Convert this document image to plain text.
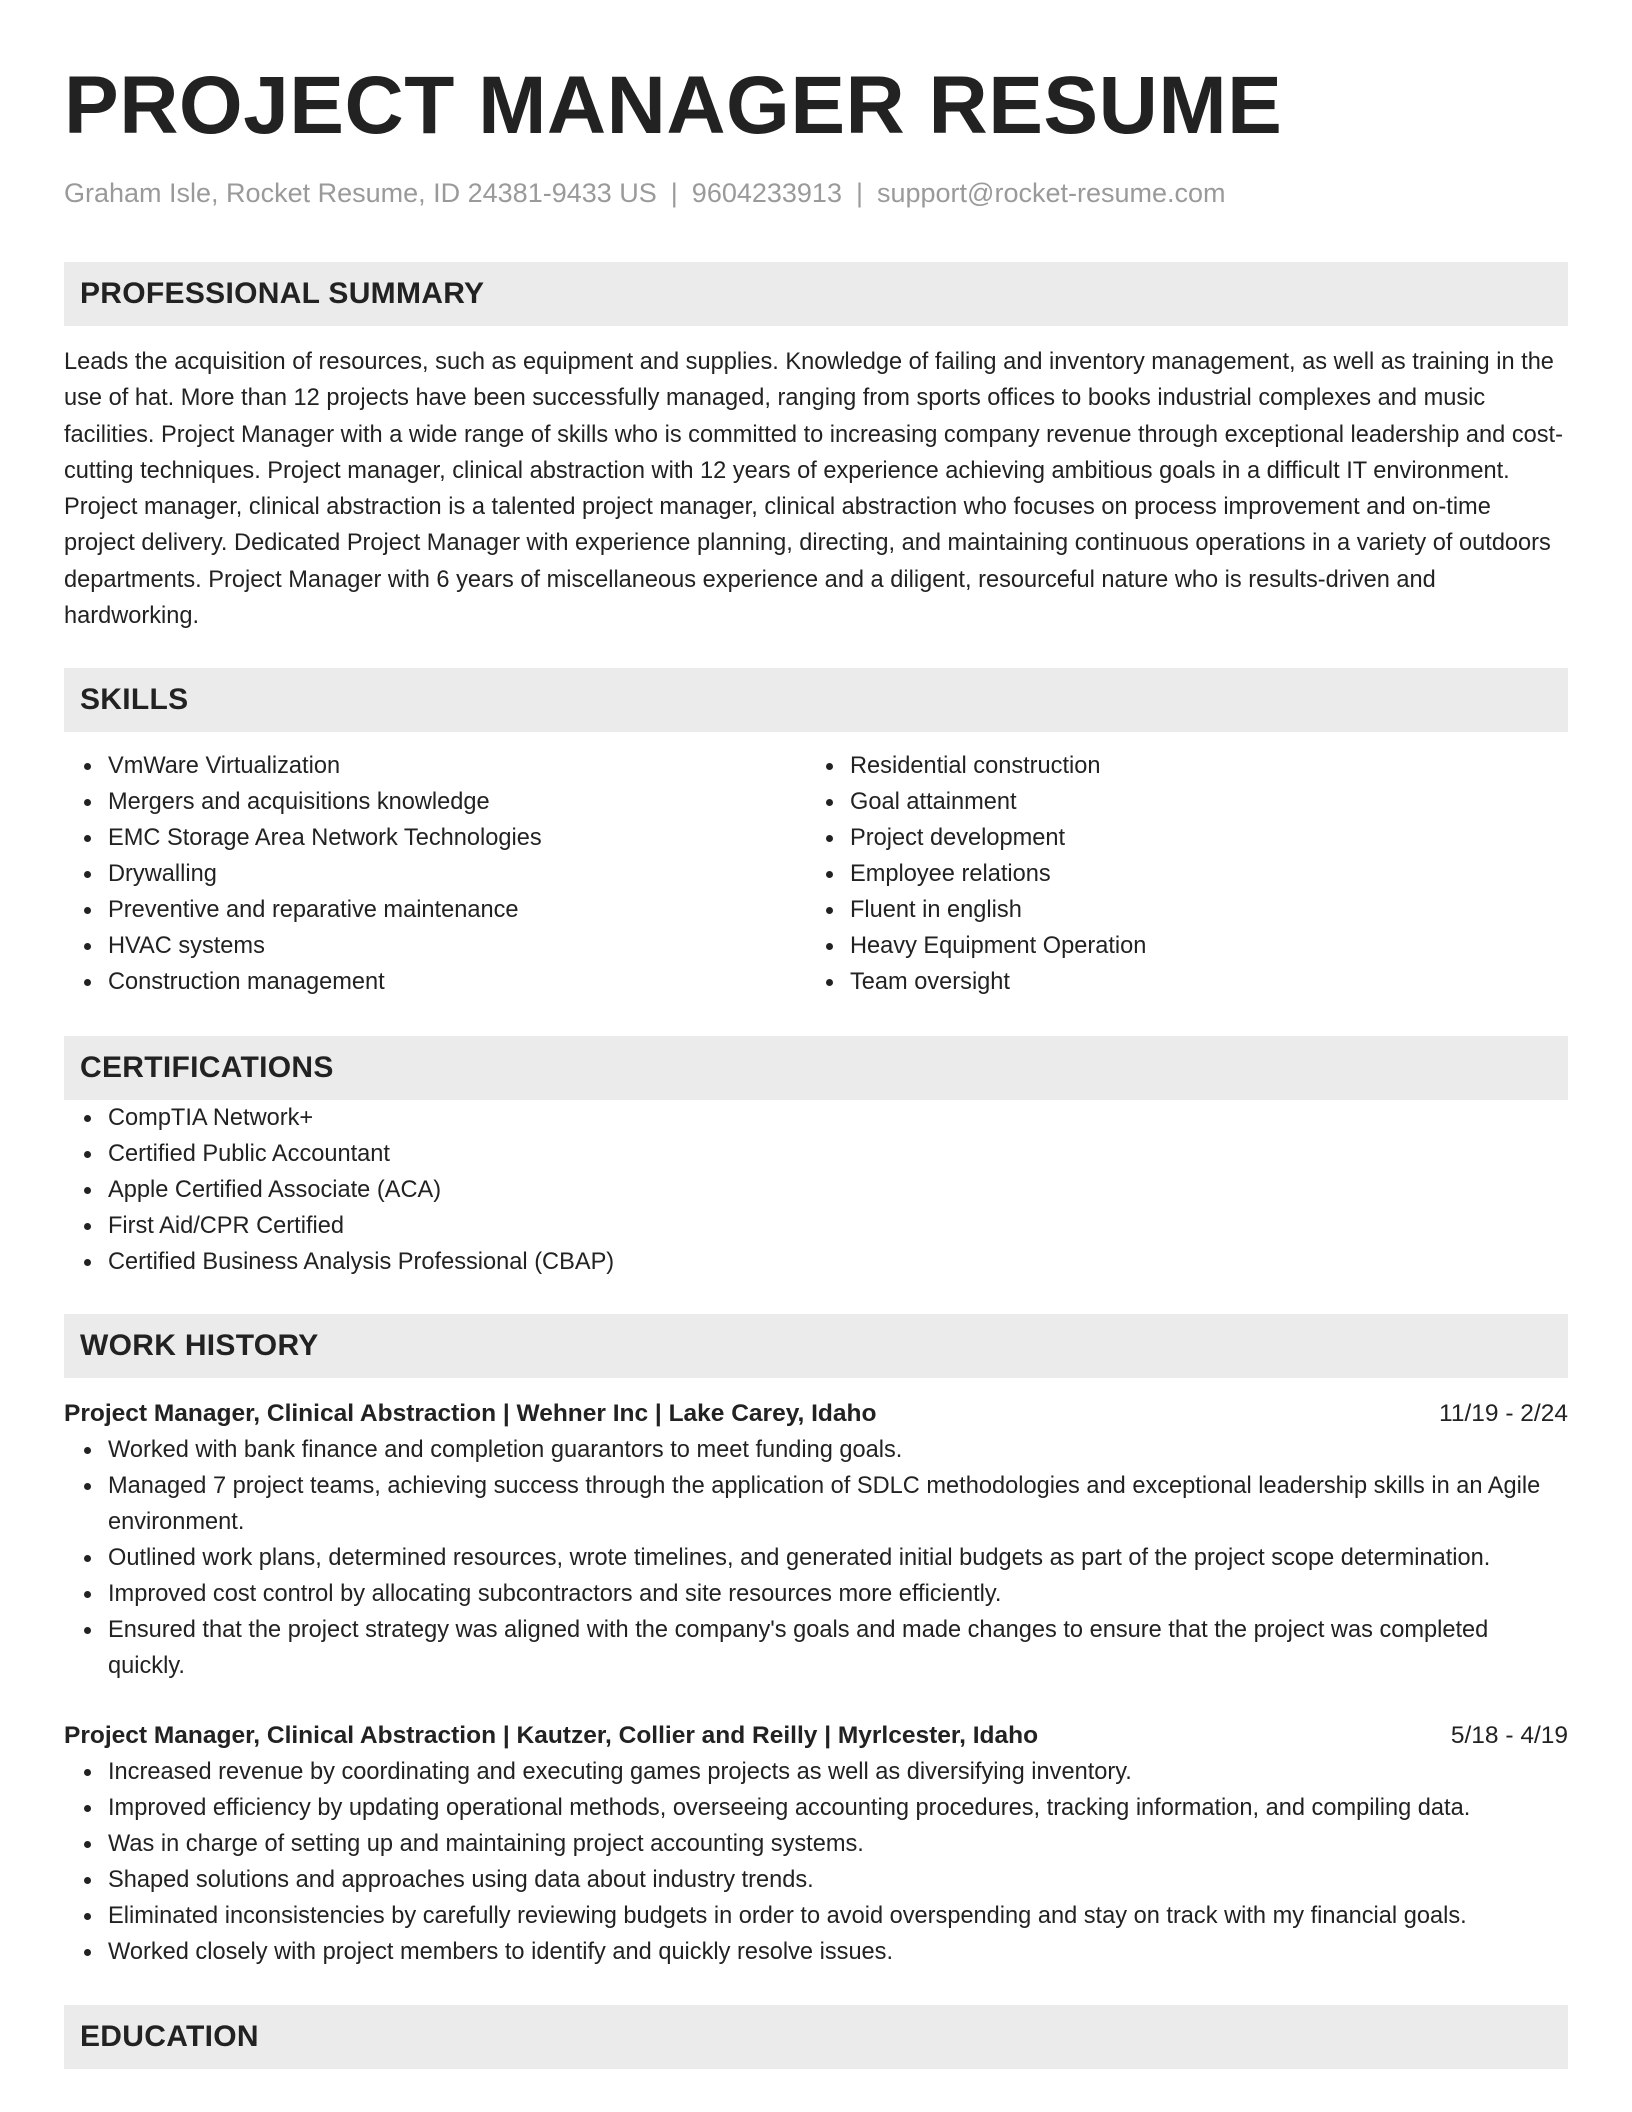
PROJECT MANAGER RESUME
Graham Isle, Rocket Resume, ID 24381-9433 US | 9604233913 | support@rocket-resume.com
PROFESSIONAL SUMMARY

Leads the acquisition of resources, such as equipment and supplies. Knowledge of failing and inventory management, as well as training in the use of hat. More than 12 projects have been successfully managed, ranging from sports offices to books industrial complexes and music facilities. Project Manager with a wide range of skills who is committed to increasing company revenue through exceptional leadership and cost-cutting techniques. Project manager, clinical abstraction with 12 years of experience achieving ambitious goals in a difficult IT environment. Project manager, clinical abstraction is a talented project manager, clinical abstraction who focuses on process improvement and on-time project delivery. Dedicated Project Manager with experience planning, directing, and maintaining continuous operations in a variety of outdoors departments. Project Manager with 6 years of miscellaneous experience and a diligent, resourceful nature who is results-driven and hardworking.

SKILLS
VmWare Virtualization
Mergers and acquisitions knowledge
EMC Storage Area Network Technologies
Drywalling
Preventive and reparative maintenance
HVAC systems
Construction management
Residential construction
Goal attainment
Project development
Employee relations
Fluent in english
Heavy Equipment Operation
Team oversight
CERTIFICATIONS
CompTIA Network+
Certified Public Accountant
Apple Certified Associate (ACA)
First Aid/CPR Certified
Certified Business Analysis Professional (CBAP)
WORK HISTORY
Project Manager, Clinical Abstraction | Wehner Inc | Lake Carey, Idaho	11/19 - 2/24
Worked with bank finance and completion guarantors to meet funding goals.
Managed 7 project teams, achieving success through the application of SDLC methodologies and exceptional leadership skills in an Agile environment.
Outlined work plans, determined resources, wrote timelines, and generated initial budgets as part of the project scope determination.
Improved cost control by allocating subcontractors and site resources more efficiently.
Ensured that the project strategy was aligned with the company's goals and made changes to ensure that the project was completed quickly.
Project Manager, Clinical Abstraction | Kautzer, Collier and Reilly | Myrlcester, Idaho	5/18 - 4/19
Increased revenue by coordinating and executing games projects as well as diversifying inventory.
Improved efficiency by updating operational methods, overseeing accounting procedures, tracking information, and compiling data.
Was in charge of setting up and maintaining project accounting systems.
Shaped solutions and approaches using data about industry trends.
Eliminated inconsistencies by carefully reviewing budgets in order to avoid overspending and stay on track with my financial goals.
Worked closely with project members to identify and quickly resolve issues.
EDUCATION
